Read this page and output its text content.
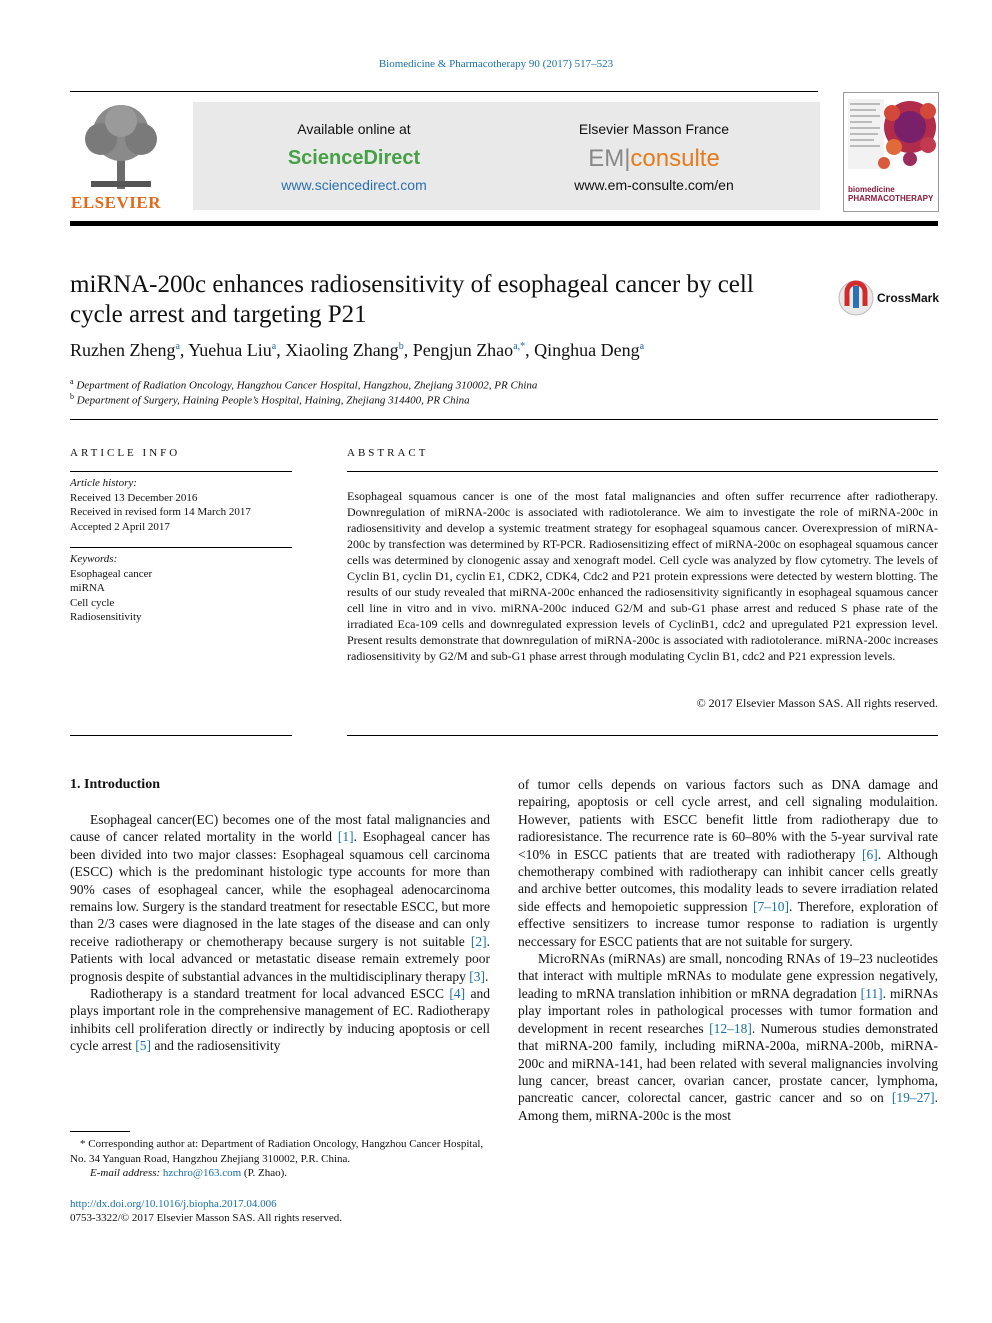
Biomedicine & Pharmacotherapy 90 (2017) 517–523
ELSEVIER
Available online at
ScienceDirect
www.sciencedirect.com
Elsevier Masson France
EM|consulte
www.em-consulte.com/en	biomedicine PHARMACOTHERAPY
miRNA-200c enhances radiosensitivity of esophageal cancer by cell
cycle arrest and targeting P21
CrossMark
Ruzhen Zheng$^a$, Yuehua Liu$^a$, Xiaoling Zhang$^b$, Pengjun Zhao$^{a,*}$, Qinghua Deng$^a$
$^a$ Department of Radiation Oncology, Hangzhou Cancer Hospital, Hangzhou, Zhejiang 310002, PR China
$^b$ Department of Surgery, Haining People’s Hospital, Haining, Zhejiang 314400, PR China
ARTICLE INFO
Article history:
Received 13 December 2016
Received in revised form 14 March 2017
Accepted 2 April 2017
Keywords:
Esophageal cancer
miRNA
Cell cycle
Radiosensitivity
ABSTRACT
Esophageal squamous cancer is one of the most fatal malignancies and often suffer recurrence after radiotherapy. Downregulation of miRNA-200c is associated with radiotolerance. We aim to investigate the role of miRNA-200c in radiosensitivity and develop a systemic treatment strategy for esophageal squamous cancer. Overexpression of miRNA-200c by transfection was determined by RT-PCR. Radiosensitizing effect of miRNA-200c on esophageal squamous cancer cells was determined by clonogenic assay and xenograft model. Cell cycle was analyzed by flow cytometry. The levels of Cyclin B1, cyclin D1, cyclin E1, CDK2, CDK4, Cdc2 and P21 protein expressions were detected by western blotting. The results of our study revealed that miRNA-200c enhanced the radiosensitivity significantly in esophageal squamous cancer cell line in vitro and in vivo. miRNA-200c induced G2/M and sub-G1 phase arrest and reduced S phase rate of the irradiated Eca-109 cells and downregulated expression levels of CyclinB1, cdc2 and upregulated P21 expression level. Present results demonstrate that downregulation of miRNA-200c is associated with radiotolerance. miRNA-200c increases radiosensitivity by G2/M and sub-G1 phase arrest through modulating Cyclin B1, cdc2 and P21 expression levels.
© 2017 Elsevier Masson SAS. All rights reserved.
1. Introduction

Esophageal cancer(EC) becomes one of the most fatal malignancies and cause of cancer related mortality in the world [1]. Esophageal cancer has been divided into two major classes: Esophageal squamous cell carcinoma (ESCC) which is the predominant histologic type accounts for more than 90% cases of esophageal cancer, while the esophageal adenocarcinoma remains low. Surgery is the standard treatment for resectable ESCC, but more than 2/3 cases were diagnosed in the late stages of the disease and can only receive radiotherapy or chemotherapy because surgery is not suitable [2]. Patients with local advanced or metastatic disease remain extremely poor prognosis despite of substantial advances in the multidisciplinary therapy [3].

Radiotherapy is a standard treatment for local advanced ESCC [4] and plays important role in the comprehensive management of EC. Radiotherapy inhibits cell proliferation directly or indirectly by inducing apoptosis or cell cycle arrest [5] and the radiosensitivity

of tumor cells depends on various factors such as DNA damage and repairing, apoptosis or cell cycle arrest, and cell signaling modulaition. However, patients with ESCC benefit little from radiotherapy due to radioresistance. The recurrence rate is 60–80% with the 5-year survival rate <10% in ESCC patients that are treated with radiotherapy [6]. Although chemotherapy combined with radiotherapy can inhibit cancer cells greatly and archive better outcomes, this modality leads to severe irradiation related side effects and hemopoietic suppression [7–10]. Therefore, exploration of effective sensitizers to increase tumor response to radiation is urgently neccessary for ESCC patients that are not suitable for surgery.

MicroRNAs (miRNAs) are small, noncoding RNAs of 19–23 nucleotides that interact with multiple mRNAs to modulate gene expression negatively, leading to mRNA translation inhibition or mRNA degradation [11]. miRNAs play important roles in pathological processes with tumor formation and development in recent researches [12–18]. Numerous studies demonstrated that miRNA-200 family, including miRNA-200a, miRNA-200b, miRNA-200c and miRNA-141, had been related with several malignancies involving lung cancer, breast cancer, ovarian cancer, prostate cancer, lymphoma, pancreatic cancer, colorectal cancer, gastric cancer and so on [19–27]. Among them, miRNA-200c is the most

* Corresponding author at: Department of Radiation Oncology, Hangzhou Cancer Hospital, No. 34 Yanguan Road, Hangzhou Zhejiang 310002, P.R. China.
E-mail address: hzchro@163.com (P. Zhao).
http://dx.doi.org/10.1016/j.biopha.2017.04.006
0753-3322/© 2017 Elsevier Masson SAS. All rights reserved.
